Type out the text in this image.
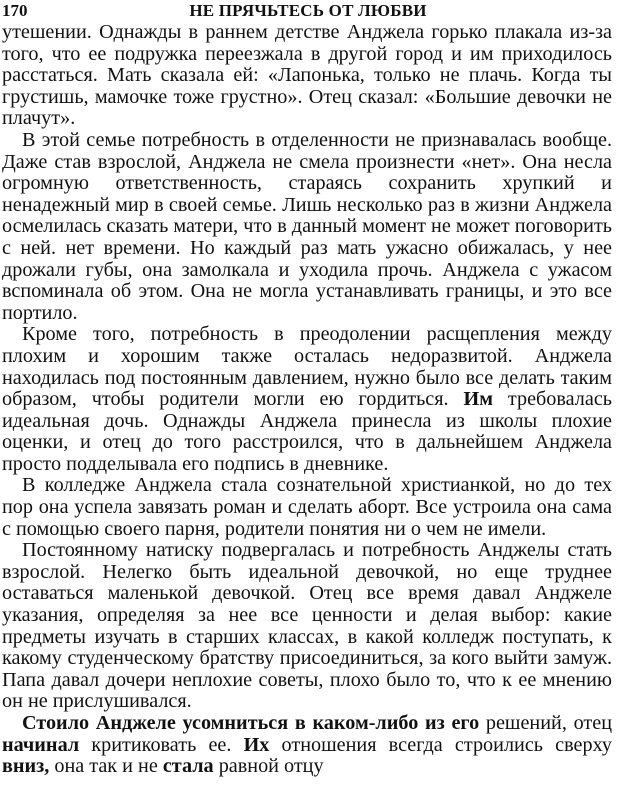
170	НЕ ПРЯЧЬТЕСЬ ОТ ЛЮБВИ

утешении. Однажды в раннем детстве Анджела горько плакала из-за того, что ее подружка переезжала в другой город и им приходилось расстаться. Мать сказала ей: «Лапонька, только не плачь. Когда ты грустишь, мамочке тоже грустно». Отец сказал: «Большие девочки не плачут».

В этой семье потребность в отделенности не признавалась вообще. Даже став взрослой, Анджела не смела произнести «нет». Она несла огромную ответственность, стараясь сохранить хрупкий и ненадежный мир в своей семье. Лишь несколько раз в жизни Анджела осмелилась сказать матери, что в данный момент не может поговорить с ней. нет времени. Но каждый раз мать ужасно обижалась, у нее дрожали губы, она замолкала и уходила прочь. Анджела с ужасом вспоминала об этом. Она не могла устанавливать границы, и это все портило.

Кроме того, потребность в преодолении расщепления между плохим и хорошим также осталась недоразвитой. Анджела находилась под постоянным давлением, нужно было все делать таким образом, чтобы родители могли ею гордиться. Им требовалась идеальная дочь. Однажды Анджела принесла из школы плохие оценки, и отец до того расстроился, что в дальнейшем Анджела просто подделывала его подпись в дневнике.

В колледже Анджела стала сознательной христианкой, но до тех пор она успела завязать роман и сделать аборт. Все устроила она сама с помощью своего парня, родители понятия ни о чем не имели.

Постоянному натиску подвергалась и потребность Анджелы стать взрослой. Нелегко быть идеальной девочкой, но еще труднее оставаться маленькой девочкой. Отец все время давал Анджеле указания, определяя за нее все ценности и делая выбор: какие предметы изучать в старших классах, в какой колледж поступать, к какому студенческому братству присоединиться, за кого выйти замуж. Папа давал дочери неплохие советы, плохо было то, что к ее мнению он не прислушивался.

Стоило Анджеле усомниться в каком-либо из его решений, отец начинал критиковать ее. Их отношения всегда строились сверху вниз, она так и не стала равной отцу
